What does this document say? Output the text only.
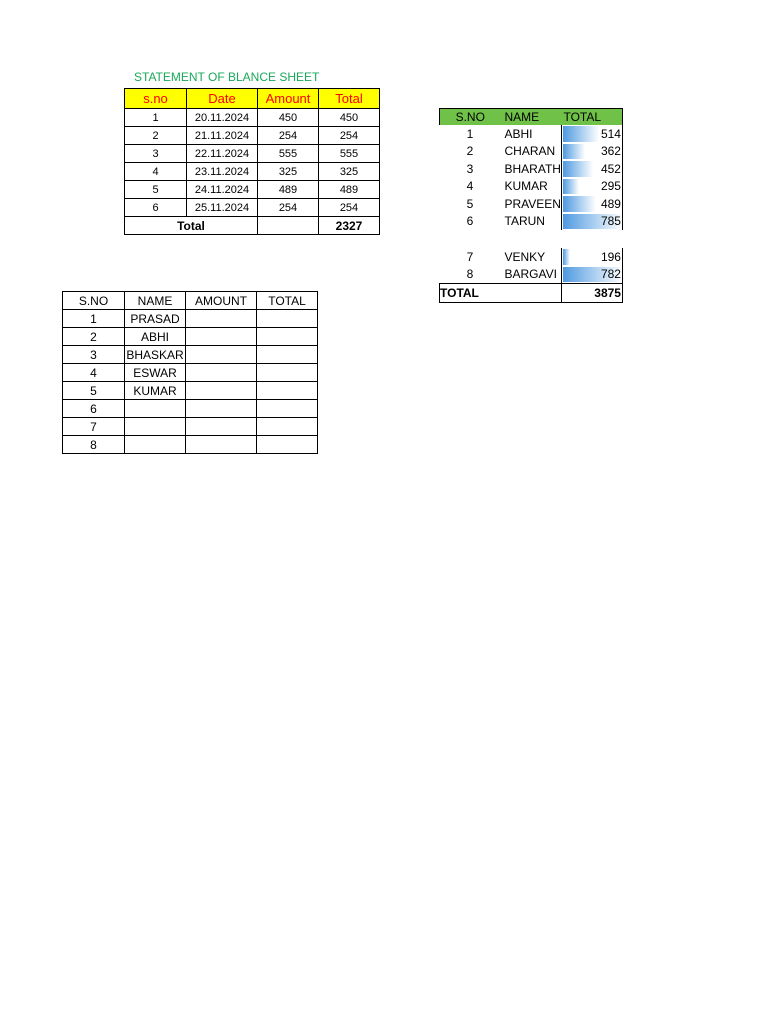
STATEMENT OF BLANCE SHEET
s.no	Date	Amount	Total
1	20.11.2024	450	450
2	21.11.2024	254	254
3	22.11.2024	555	555
4	23.11.2024	325	325
5	24.11.2024	489	489
6	25.11.2024	254	254
Total			2327
S.NO	NAME	AMOUNT	TOTAL
1	PRASAD		
2	ABHI		
3	BHASKAR		
4	ESWAR		
5	KUMAR		
6			
7			
8			
S.NO	NAME	TOTAL
1	ABHI	514
2	CHARAN	362
3	BHARATH	452
4	KUMAR	295
5	PRAVEEN	489
6	TARUN	785

7	VENKY	196
8	BARGAVI	782
TOTAL		3875
